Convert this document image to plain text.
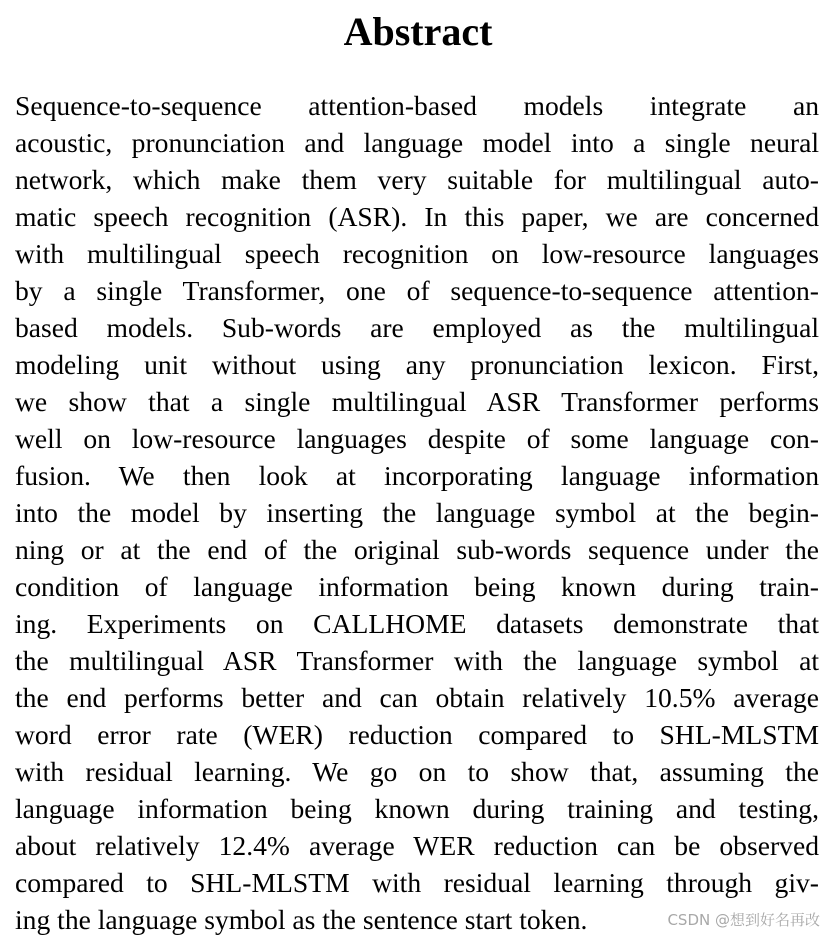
Abstract
Sequence-to-sequence attention-based models integrate an
acoustic, pronunciation and language model into a single neural
network, which make them very suitable for multilingual auto-
matic speech recognition (ASR). In this paper, we are concerned
with multilingual speech recognition on low-resource languages
by a single Transformer, one of sequence-to-sequence attention-
based models. Sub-words are employed as the multilingual
modeling unit without using any pronunciation lexicon. First,
we show that a single multilingual ASR Transformer performs
well on low-resource languages despite of some language con-
fusion. We then look at incorporating language information
into the model by inserting the language symbol at the begin-
ning or at the end of the original sub-words sequence under the
condition of language information being known during train-
ing. Experiments on CALLHOME datasets demonstrate that
the multilingual ASR Transformer with the language symbol at
the end performs better and can obtain relatively 10.5% average
word error rate (WER) reduction compared to SHL-MLSTM
with residual learning. We go on to show that, assuming the
language information being known during training and testing,
about relatively 12.4% average WER reduction can be observed
compared to SHL-MLSTM with residual learning through giv-
ing the language symbol as the sentence start token.	CSDN @想到好名再改
